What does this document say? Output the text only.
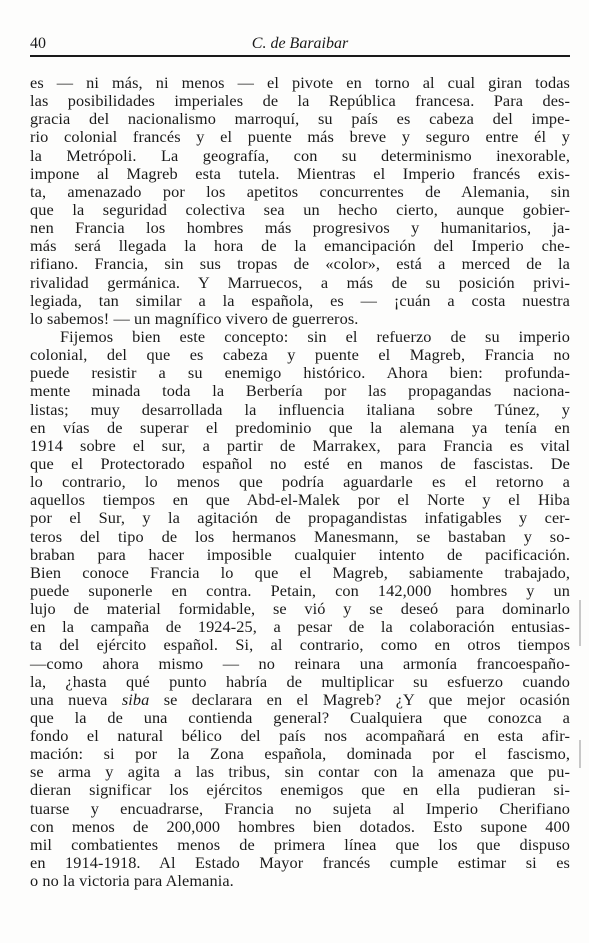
40	C. de Baraibar
es — ni más, ni menos — el pivote en torno al cual giran todas
las posibilidades imperiales de la República francesa. Para des-
gracia del nacionalismo marroquí, su país es cabeza del impe-
rio colonial francés y el puente más breve y seguro entre él y
la Metrópoli. La geografía, con su determinismo inexorable,
impone al Magreb esta tutela. Mientras el Imperio francés exis-
ta, amenazado por los apetitos concurrentes de Alemania, sin
que la seguridad colectiva sea un hecho cierto, aunque gobier-
nen Francia los hombres más progresivos y humanitarios, ja-
más será llegada la hora de la emancipación del Imperio che-
rifiano. Francia, sin sus tropas de «color», está a merced de la
rivalidad germánica. Y Marruecos, a más de su posición privi-
legiada, tan similar a la española, es — ¡cuán a costa nuestra
lo sabemos! — un magnífico vivero de guerreros.
Fijemos bien este concepto: sin el refuerzo de su imperio
colonial, del que es cabeza y puente el Magreb, Francia no
puede resistir a su enemigo histórico. Ahora bien: profunda-
mente minada toda la Berbería por las propagandas naciona-
listas; muy desarrollada la influencia italiana sobre Túnez, y
en vías de superar el predominio que la alemana ya tenía en
1914 sobre el sur, a partir de Marrakex, para Francia es vital
que el Protectorado español no esté en manos de fascistas. De
lo contrario, lo menos que podría aguardarle es el retorno a
aquellos tiempos en que Abd-el-Malek por el Norte y el Hiba
por el Sur, y la agitación de propagandistas infatigables y cer-
teros del tipo de los hermanos Manesmann, se bastaban y so-
braban para hacer imposible cualquier intento de pacificación.
Bien conoce Francia lo que el Magreb, sabiamente trabajado,
puede suponerle en contra. Petain, con 142,000 hombres y un
lujo de material formidable, se vió y se deseó para dominarlo
en la campaña de 1924-25, a pesar de la colaboración entusias-
ta del ejército español. Si, al contrario, como en otros tiempos
—como ahora mismo — no reinara una armonía francoespaño-
la, ¿hasta qué punto habría de multiplicar su esfuerzo cuando
una nueva siba se declarara en el Magreb? ¿Y que mejor ocasión
que la de una contienda general? Cualquiera que conozca a
fondo el natural bélico del país nos acompañará en esta afir-
mación: si por la Zona española, dominada por el fascismo,
se arma y agita a las tribus, sin contar con la amenaza que pu-
dieran significar los ejércitos enemigos que en ella pudieran si-
tuarse y encuadrarse, Francia no sujeta al Imperio Cherifiano
con menos de 200,000 hombres bien dotados. Esto supone 400
mil combatientes menos de primera línea que los que dispuso
en 1914-1918. Al Estado Mayor francés cumple estimar si es
o no la victoria para Alemania.
